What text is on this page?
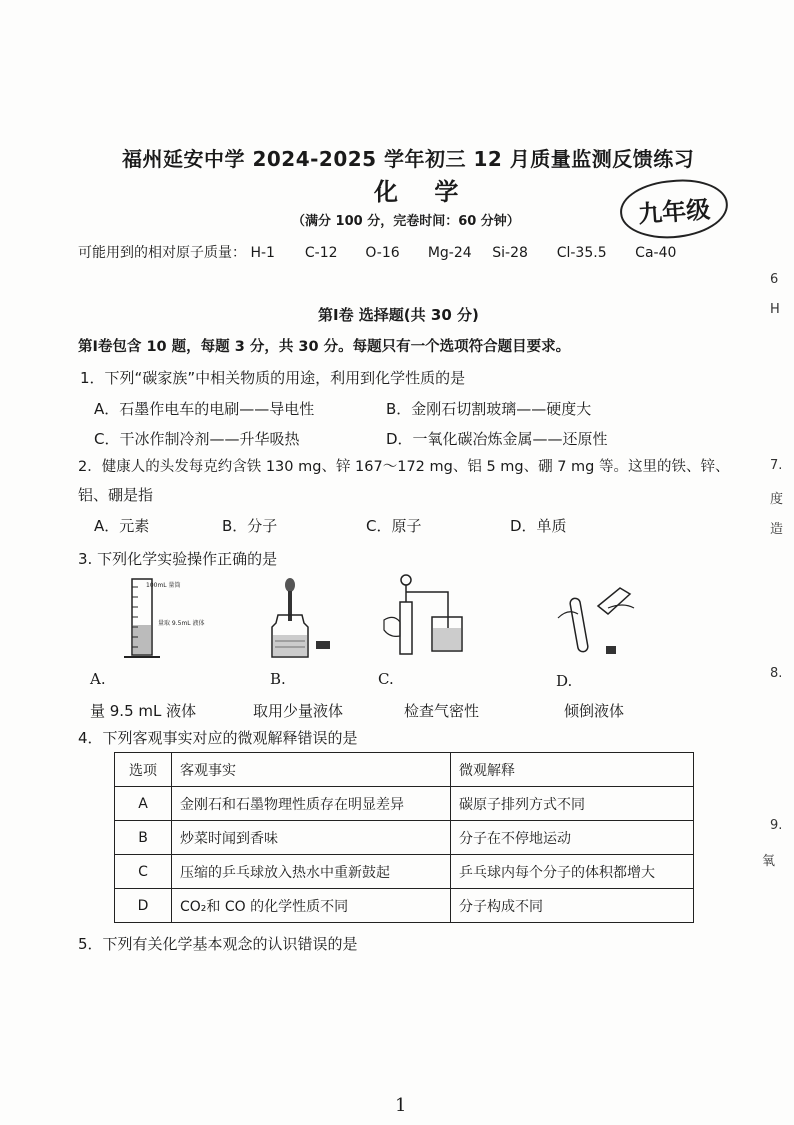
福州延安中学 2024-2025 学年初三 12 月质量监测反馈练习
化 学
九年级
（满分 100 分，完卷时间：60 分钟）
可能用到的相对原子质量： H-1 C-12 O-16 Mg-24 Si-28 Cl-35.5 Ca-40
第Ⅰ卷 选择题(共 30 分)
第Ⅰ卷包含 10 题，每题 3 分，共 30 分。每题只有一个选项符合题目要求。
1．下列“碳家族”中相关物质的用途，利用到化学性质的是
A．石墨作电车的电刷——导电性	B．金刚石切割玻璃——硬度大
C．干冰作制冷剂——升华吸热	D．一氧化碳冶炼金属——还原性
2．健康人的头发每克约含铁 130 mg、锌 167～172 mg、铝 5 mg、硼 7 mg 等。这里的铁、锌、
铝、硼是指
A．元素	B．分子	C．原子	D．单质
3. 下列化学实验操作正确的是
100mL 量筒
量取 9.5mL 液体
A.	B.	C.	D.
量 9.5 mL 液体	取用少量液体	检查气密性	倾倒液体
4．下列客观事实对应的微观解释错误的是
选项	客观事实	微观解释
A	金刚石和石墨物理性质存在明显差异	碳原子排列方式不同
B	炒菜时闻到香味	分子在不停地运动
C	压缩的乒乓球放入热水中重新鼓起	乒乓球内每个分子的体积都增大
D	CO₂和 CO 的化学性质不同	分子构成不同
5．下列有关化学基本观念的认识错误的是
6
H
7.
度
造
8.
9.
氧
1
